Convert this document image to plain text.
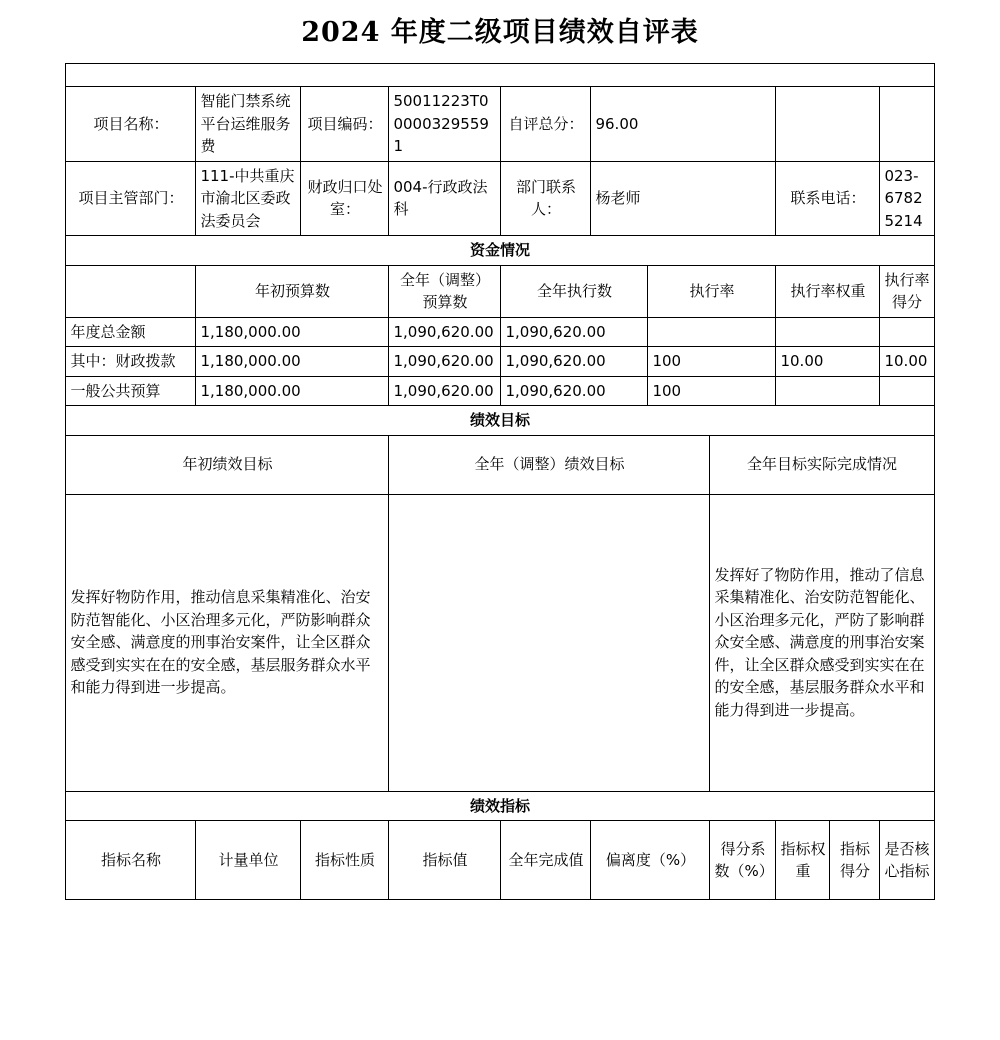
2024 年度二级项目绩效自评表

项目名称：	智能门禁系统平台运维服务费	项目编码：	50011223T000003295591	自评总分：	96.00					
项目主管部门：	111-中共重庆市渝北区委政法委员会	财政归口处室：	004-行政政法科	部门联系人：	杨老师			联系电话：		023-67825214
资金情况										
	年初预算数		全年（调整）预算数	全年执行数		执行率		执行率权重		执行率得分
年度总金额	1,180,000.00		1,090,620.00	1,090,620.00						
其中：财政拨款	1,180,000.00		1,090,620.00	1,090,620.00		100		10.00		10.00
一般公共预算	1,180,000.00		1,090,620.00	1,090,620.00		100				
绩效目标										
年初绩效目标			全年（调整）绩效目标				全年目标实际完成情况			
发挥好物防作用，推动信息采集精准化、治安防范智能化、小区治理多元化，严防影响群众安全感、满意度的刑事治安案件，让全区群众感受到实实在在的安全感，基层服务群众水平和能力得到进一步提高。							发挥好了物防作用，推动了信息采集精准化、治安防范智能化、小区治理多元化，严防了影响群众安全感、满意度的刑事治安案件，让全区群众感受到实实在在的安全感，基层服务群众水平和能力得到进一步提高。			
绩效指标										
指标名称	计量单位	指标性质	指标值	全年完成值	偏离度（%）		得分系数（%）	指标权重	指标得分	是否核心指标
